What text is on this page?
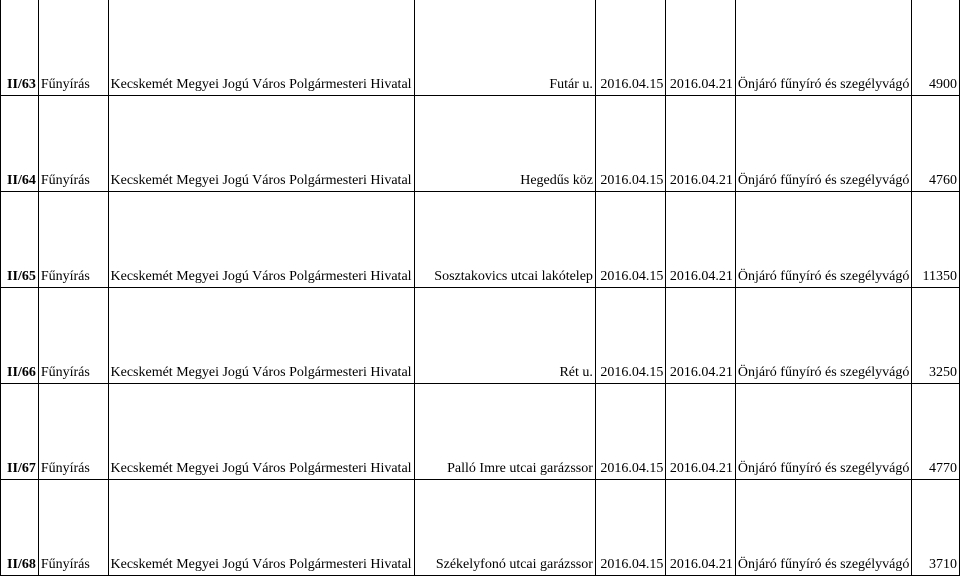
II/63	Fűnyírás	Kecskemét Megyei Jogú Város Polgármesteri Hivatal	Futár u.	2016.04.15	2016.04.21	Önjáró fűnyíró és szegélyvágó	4900
II/64	Fűnyírás	Kecskemét Megyei Jogú Város Polgármesteri Hivatal	Hegedűs köz	2016.04.15	2016.04.21	Önjáró fűnyíró és szegélyvágó	4760
II/65	Fűnyírás	Kecskemét Megyei Jogú Város Polgármesteri Hivatal	Sosztakovics utcai lakótelep	2016.04.15	2016.04.21	Önjáró fűnyíró és szegélyvágó	11350
II/66	Fűnyírás	Kecskemét Megyei Jogú Város Polgármesteri Hivatal	Rét u.	2016.04.15	2016.04.21	Önjáró fűnyíró és szegélyvágó	3250
II/67	Fűnyírás	Kecskemét Megyei Jogú Város Polgármesteri Hivatal	Palló Imre utcai garázssor	2016.04.15	2016.04.21	Önjáró fűnyíró és szegélyvágó	4770
II/68	Fűnyírás	Kecskemét Megyei Jogú Város Polgármesteri Hivatal	Székelyfonó utcai garázssor	2016.04.15	2016.04.21	Önjáró fűnyíró és szegélyvágó	3710
